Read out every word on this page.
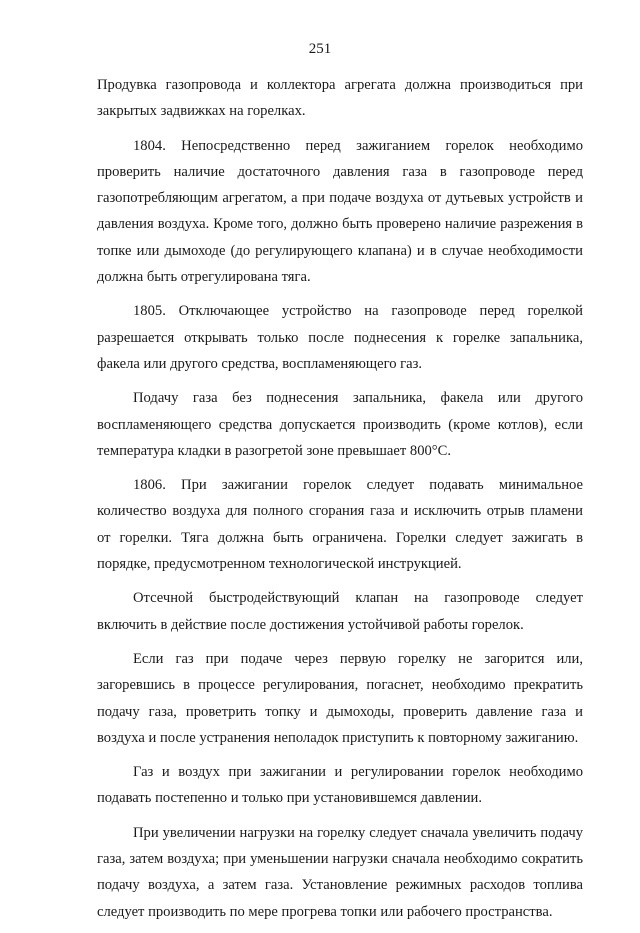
251

Продувка газопровода и коллектора агрегата должна производиться при
закрытых задвижках на горелках.

1804. Непосредственно перед зажиганием горелок необходимо
проверить наличие достаточного давления газа в газопроводе перед
газопотребляющим агрегатом, а при подаче воздуха от дутьевых устройств и
давления воздуха. Кроме того, должно быть проверено наличие разрежения в
топке или дымоходе (до регулирующего клапана) и в случае необходимости
должна быть отрегулирована тяга.

1805. Отключающее устройство на газопроводе перед горелкой
разрешается открывать только после поднесения к горелке запальника,
факела или другого средства, воспламеняющего газ.

Подачу газа без поднесения запальника, факела или другого
воспламеняющего средства допускается производить (кроме котлов), если
температура кладки в разогретой зоне превышает 800°С.

1806. При зажигании горелок следует подавать минимальное
количество воздуха для полного сгорания газа и исключить отрыв пламени
от горелки. Тяга должна быть ограничена. Горелки следует зажигать в
порядке, предусмотренном технологической инструкцией.

Отсечной быстродействующий клапан на газопроводе следует
включить в действие после достижения устойчивой работы горелок.

Если газ при подаче через первую горелку не загорится или,
загоревшись в процессе регулирования, погаснет, необходимо прекратить
подачу газа, проветрить топку и дымоходы, проверить давление газа и
воздуха и после устранения неполадок приступить к повторному зажиганию.

Газ и воздух при зажигании и регулировании горелок необходимо
подавать постепенно и только при установившемся давлении.

При увеличении нагрузки на горелку следует сначала увеличить подачу
газа, затем воздуха; при уменьшении нагрузки сначала необходимо сократить
подачу воздуха, а затем газа. Установление режимных расходов топлива
следует производить по мере прогрева топки или рабочего пространства.
